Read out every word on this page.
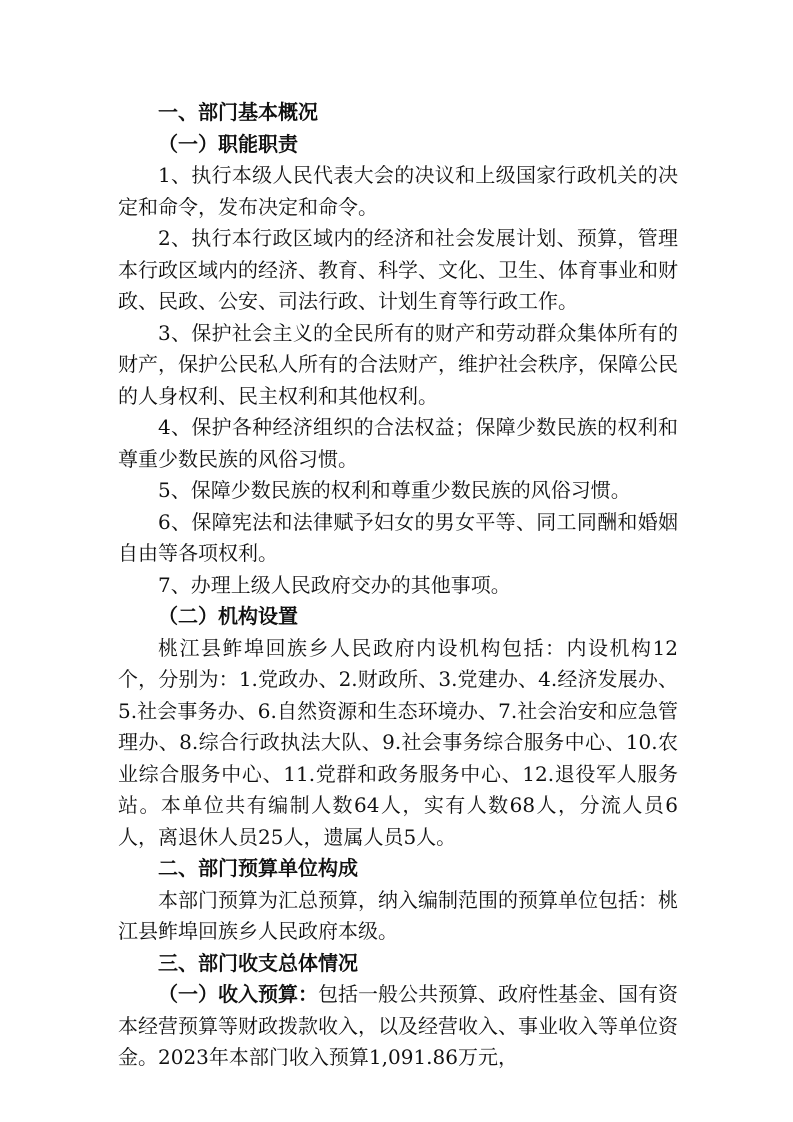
一、部门基本概况

（一）职能职责

1、执行本级人民代表大会的决议和上级国家行政机关的决定和命令，发布决定和命令。

2、执行本行政区域内的经济和社会发展计划、预算，管理本行政区域内的经济、教育、科学、文化、卫生、体育事业和财政、民政、公安、司法行政、计划生育等行政工作。

3、保护社会主义的全民所有的财产和劳动群众集体所有的财产，保护公民私人所有的合法财产，维护社会秩序，保障公民的人身权利、民主权利和其他权利。

4、保护各种经济组织的合法权益；保障少数民族的权利和尊重少数民族的风俗习惯。

5、保障少数民族的权利和尊重少数民族的风俗习惯。

6、保障宪法和法律赋予妇女的男女平等、同工同酬和婚姻自由等各项权利。

7、办理上级人民政府交办的其他事项。

（二）机构设置

桃江县鲊埠回族乡人民政府内设机构包括：内设机构12个，分别为：1.党政办、2.财政所、3.党建办、4.经济发展办、5.社会事务办、6.自然资源和生态环境办、7.社会治安和应急管理办、8.综合行政执法大队、9.社会事务综合服务中心、10.农业综合服务中心、11.党群和政务服务中心、12.退役军人服务站。本单位共有编制人数64人，实有人数68人，分流人员6人，离退休人员25人，遗属人员5人。

二、部门预算单位构成

本部门预算为汇总预算，纳入编制范围的预算单位包括：桃江县鲊埠回族乡人民政府本级。

三、部门收支总体情况

（一）收入预算：包括一般公共预算、政府性基金、国有资本经营预算等财政拨款收入，以及经营收入、事业收入等单位资金。2023年本部门收入预算1,091.86万元，
